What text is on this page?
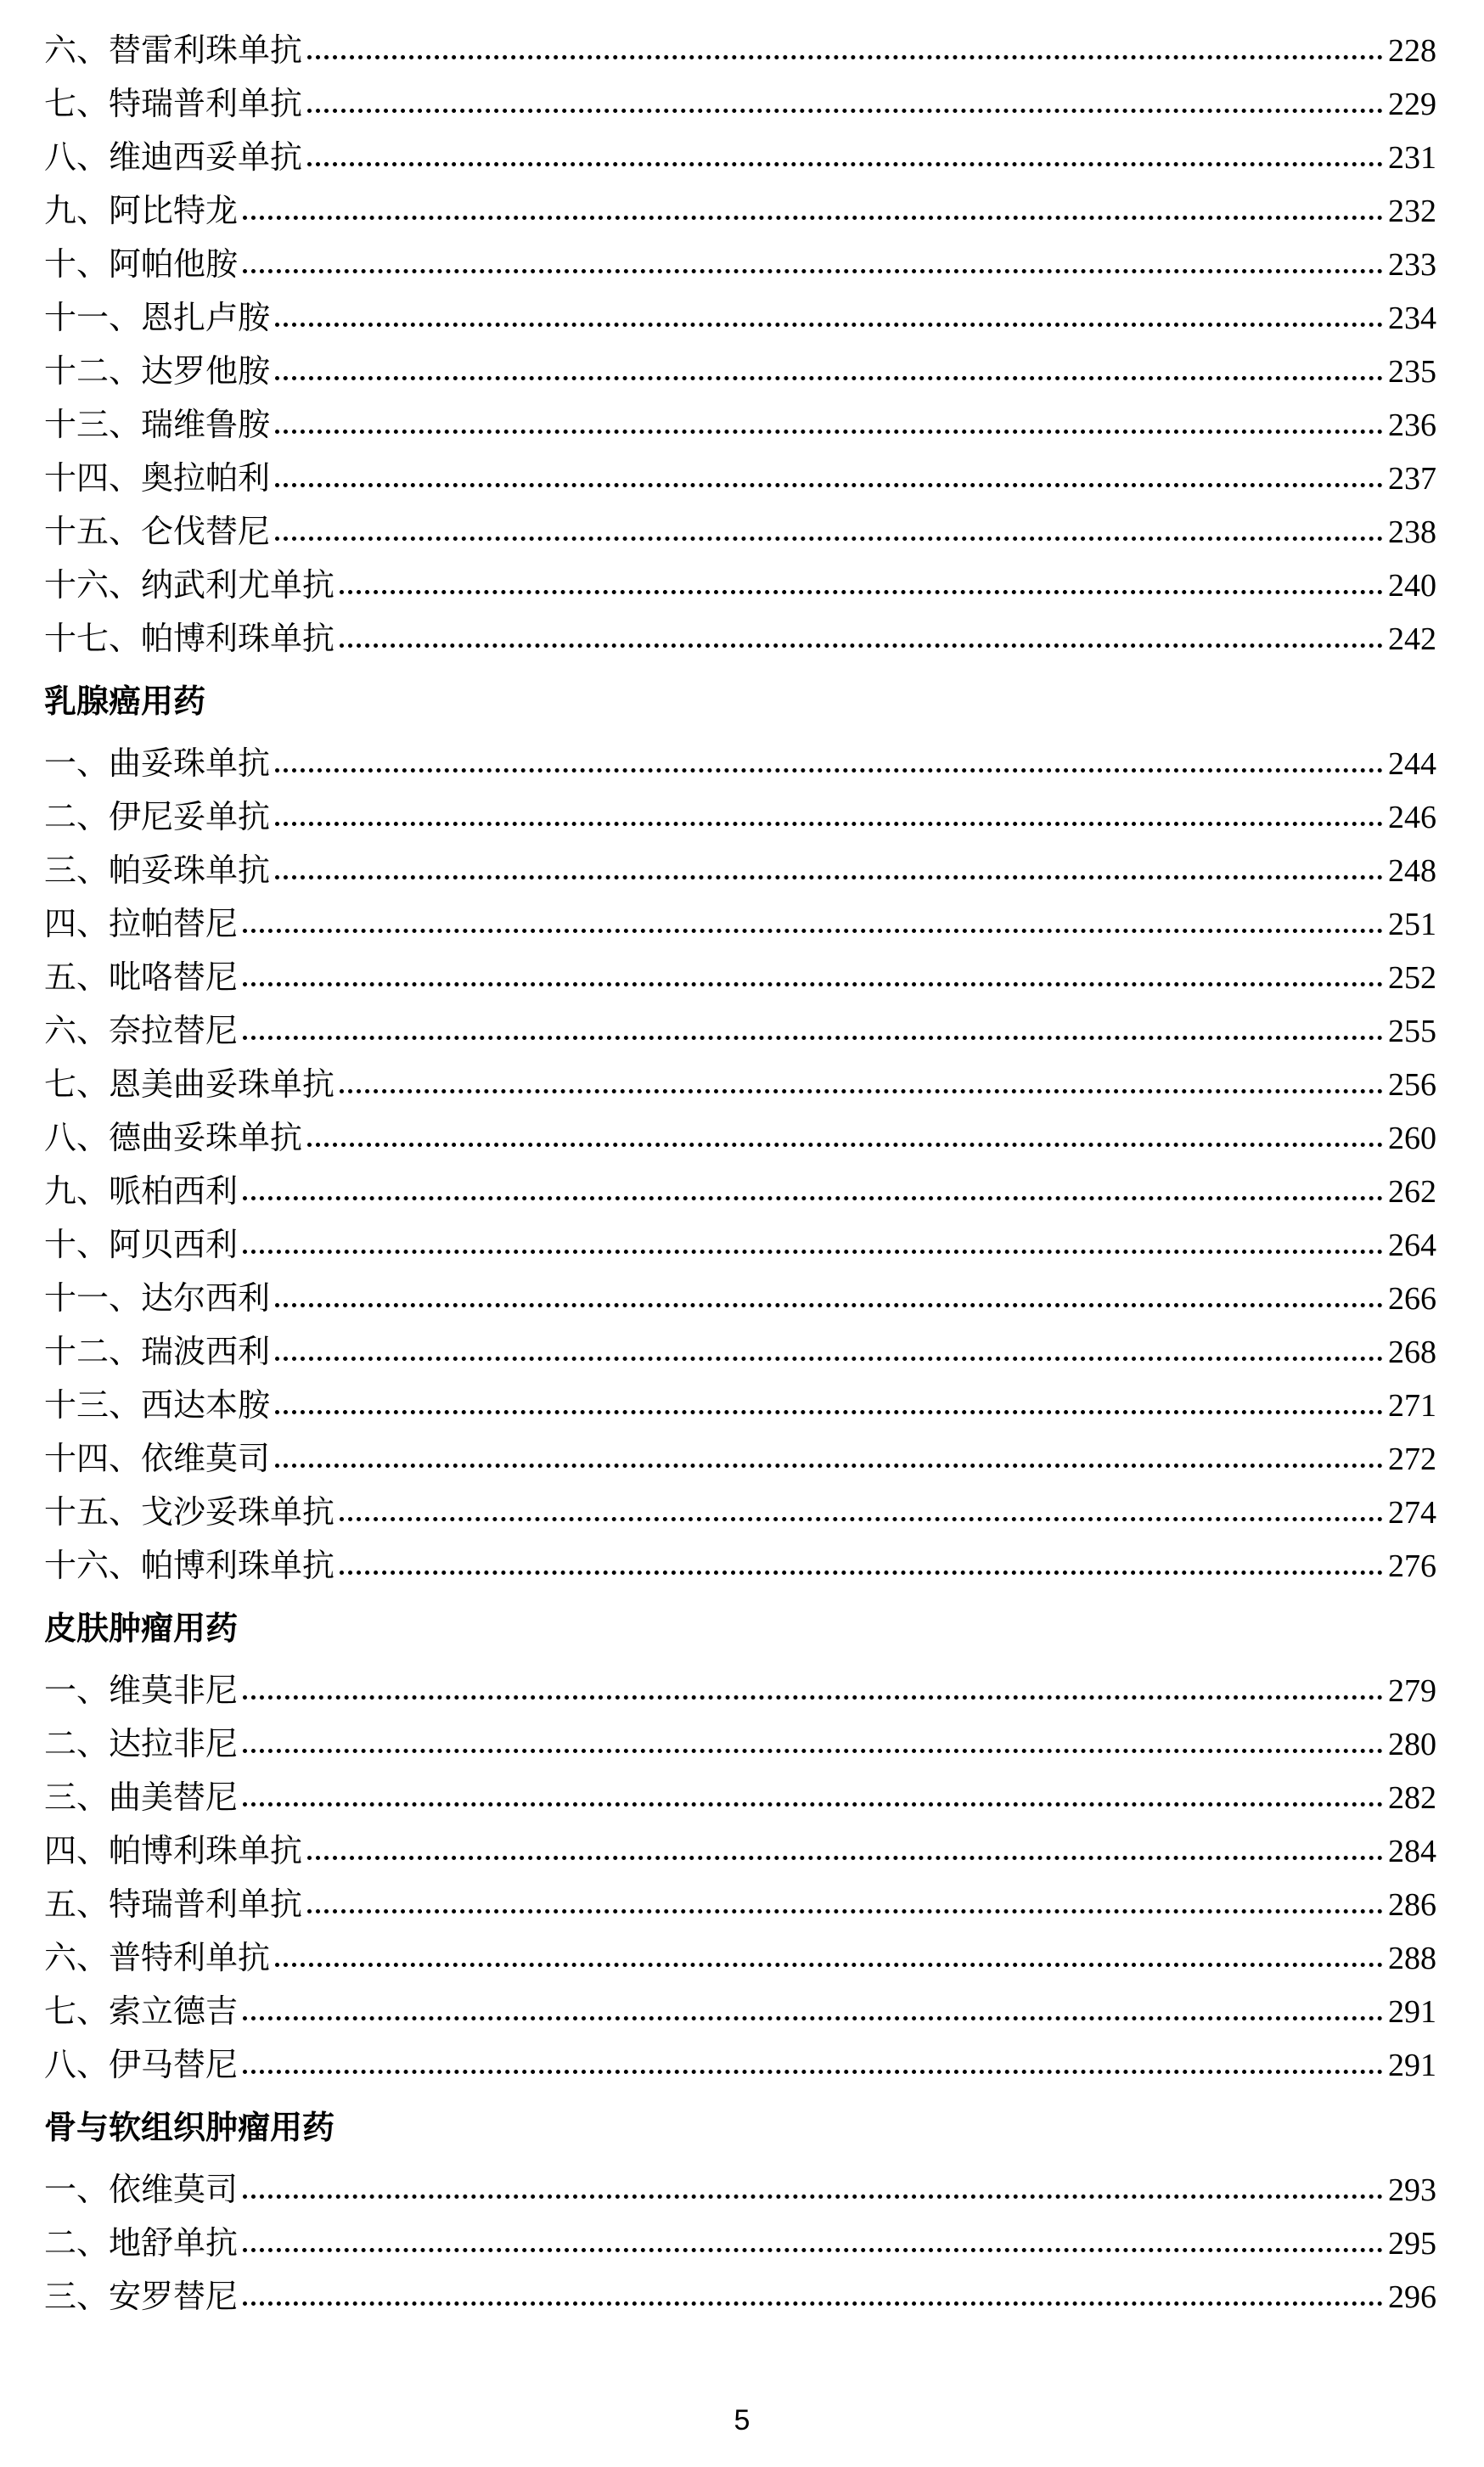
六、替雷利珠单抗	228
七、特瑞普利单抗	229
八、维迪西妥单抗	231
九、阿比特龙	232
十、阿帕他胺	233
十一、恩扎卢胺	234
十二、达罗他胺	235
十三、瑞维鲁胺	236
十四、奥拉帕利	237
十五、仑伐替尼	238
十六、纳武利尤单抗	240
十七、帕博利珠单抗	242
乳腺癌用药
一、曲妥珠单抗	244
二、伊尼妥单抗	246
三、帕妥珠单抗	248
四、拉帕替尼	251
五、吡咯替尼	252
六、奈拉替尼	255
七、恩美曲妥珠单抗	256
八、德曲妥珠单抗	260
九、哌柏西利	262
十、阿贝西利	264
十一、达尔西利	266
十二、瑞波西利	268
十三、西达本胺	271
十四、依维莫司	272
十五、戈沙妥珠单抗	274
十六、帕博利珠单抗	276
皮肤肿瘤用药
一、维莫非尼	279
二、达拉非尼	280
三、曲美替尼	282
四、帕博利珠单抗	284
五、特瑞普利单抗	286
六、普特利单抗	288
七、索立德吉	291
八、伊马替尼	291
骨与软组织肿瘤用药
一、依维莫司	293
二、地舒单抗	295
三、安罗替尼	296
5
